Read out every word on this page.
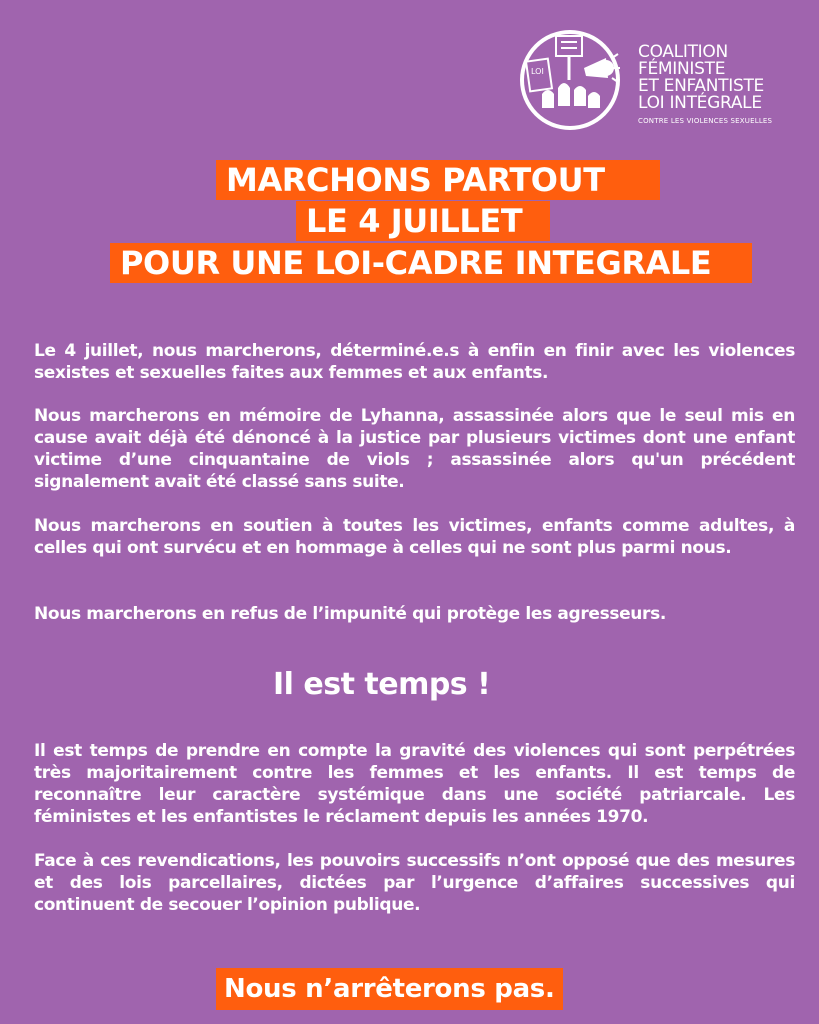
LOI
COALITION
FÉMINISTE
ET ENFANTISTE
LOI INTÉGRALE
CONTRE LES VIOLENCES SEXUELLES
MARCHONS PARTOUT
LE 4 JUILLET
POUR UNE LOI-CADRE INTEGRALE

Le 4 juillet, nous marcherons, déterminé.e.s à enfin en finir avec les violences sexistes et sexuelles faites aux femmes et aux enfants.

Nous marcherons en mémoire de Lyhanna, assassinée alors que le seul mis en cause avait déjà été dénoncé à la justice par plusieurs victimes dont une enfant victime d’une cinquantaine de viols ; assassinée alors qu'un précédent signalement avait été classé sans suite.

Nous marcherons en soutien à toutes les victimes, enfants comme adultes, à celles qui ont survécu et en hommage à celles qui ne sont plus parmi nous.

Nous marcherons en refus de l’impunité qui protège les agresseurs.

Il est temps !

Il est temps de prendre en compte la gravité des violences qui sont perpétrées très majoritairement contre les femmes et les enfants. Il est temps de reconnaître leur caractère systémique dans une société patriarcale. Les féministes et les enfantistes le réclament depuis les années 1970.

Face à ces revendications, les pouvoirs successifs n’ont opposé que des mesures et des lois parcellaires, dictées par l’urgence d’affaires successives qui continuent de secouer l’opinion publique.

Nous n’arrêterons pas.
